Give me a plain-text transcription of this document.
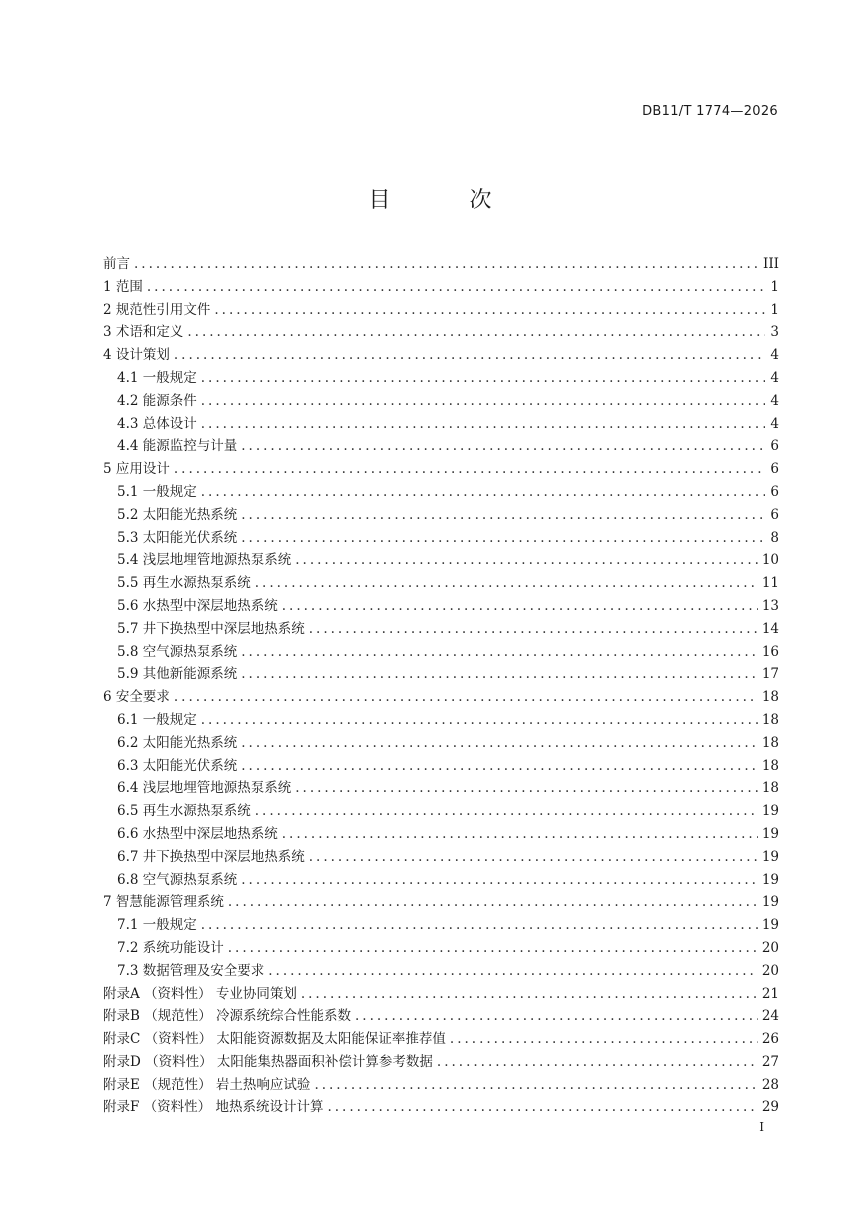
DB11/T 1774—2026
目 次
前言 .....	III
1 范围 .....	1
2 规范性引用文件 .....	1
3 术语和定义 .....	3
4 设计策划 .....	4
4.1 一般规定 .....	4
4.2 能源条件 .....	4
4.3 总体设计 .....	4
4.4 能源监控与计量 .....	6
5 应用设计 .....	6
5.1 一般规定 .....	6
5.2 太阳能光热系统 .....	6
5.3 太阳能光伏系统 .....	8
5.4 浅层地埋管地源热泵系统 .....	10
5.5 再生水源热泵系统 .....	11
5.6 水热型中深层地热系统 .....	13
5.7 井下换热型中深层地热系统 .....	14
5.8 空气源热泵系统 .....	16
5.9 其他新能源系统 .....	17
6 安全要求 .....	18
6.1 一般规定 .....	18
6.2 太阳能光热系统 .....	18
6.3 太阳能光伏系统 .....	18
6.4 浅层地埋管地源热泵系统 .....	18
6.5 再生水源热泵系统 .....	19
6.6 水热型中深层地热系统 .....	19
6.7 井下换热型中深层地热系统 .....	19
6.8 空气源热泵系统 .....	19
7 智慧能源管理系统 .....	19
7.1 一般规定 .....	19
7.2 系统功能设计 .....	20
7.3 数据管理及安全要求 .....	20
附录A （资料性） 专业协同策划 .....	21
附录B （规范性） 冷源系统综合性能系数 .....	24
附录C （资料性） 太阳能资源数据及太阳能保证率推荐值 .....	26
附录D （资料性） 太阳能集热器面积补偿计算参考数据 .....	27
附录E （规范性） 岩土热响应试验 .....	28
附录F （资料性） 地热系统设计计算 .....	29
I
